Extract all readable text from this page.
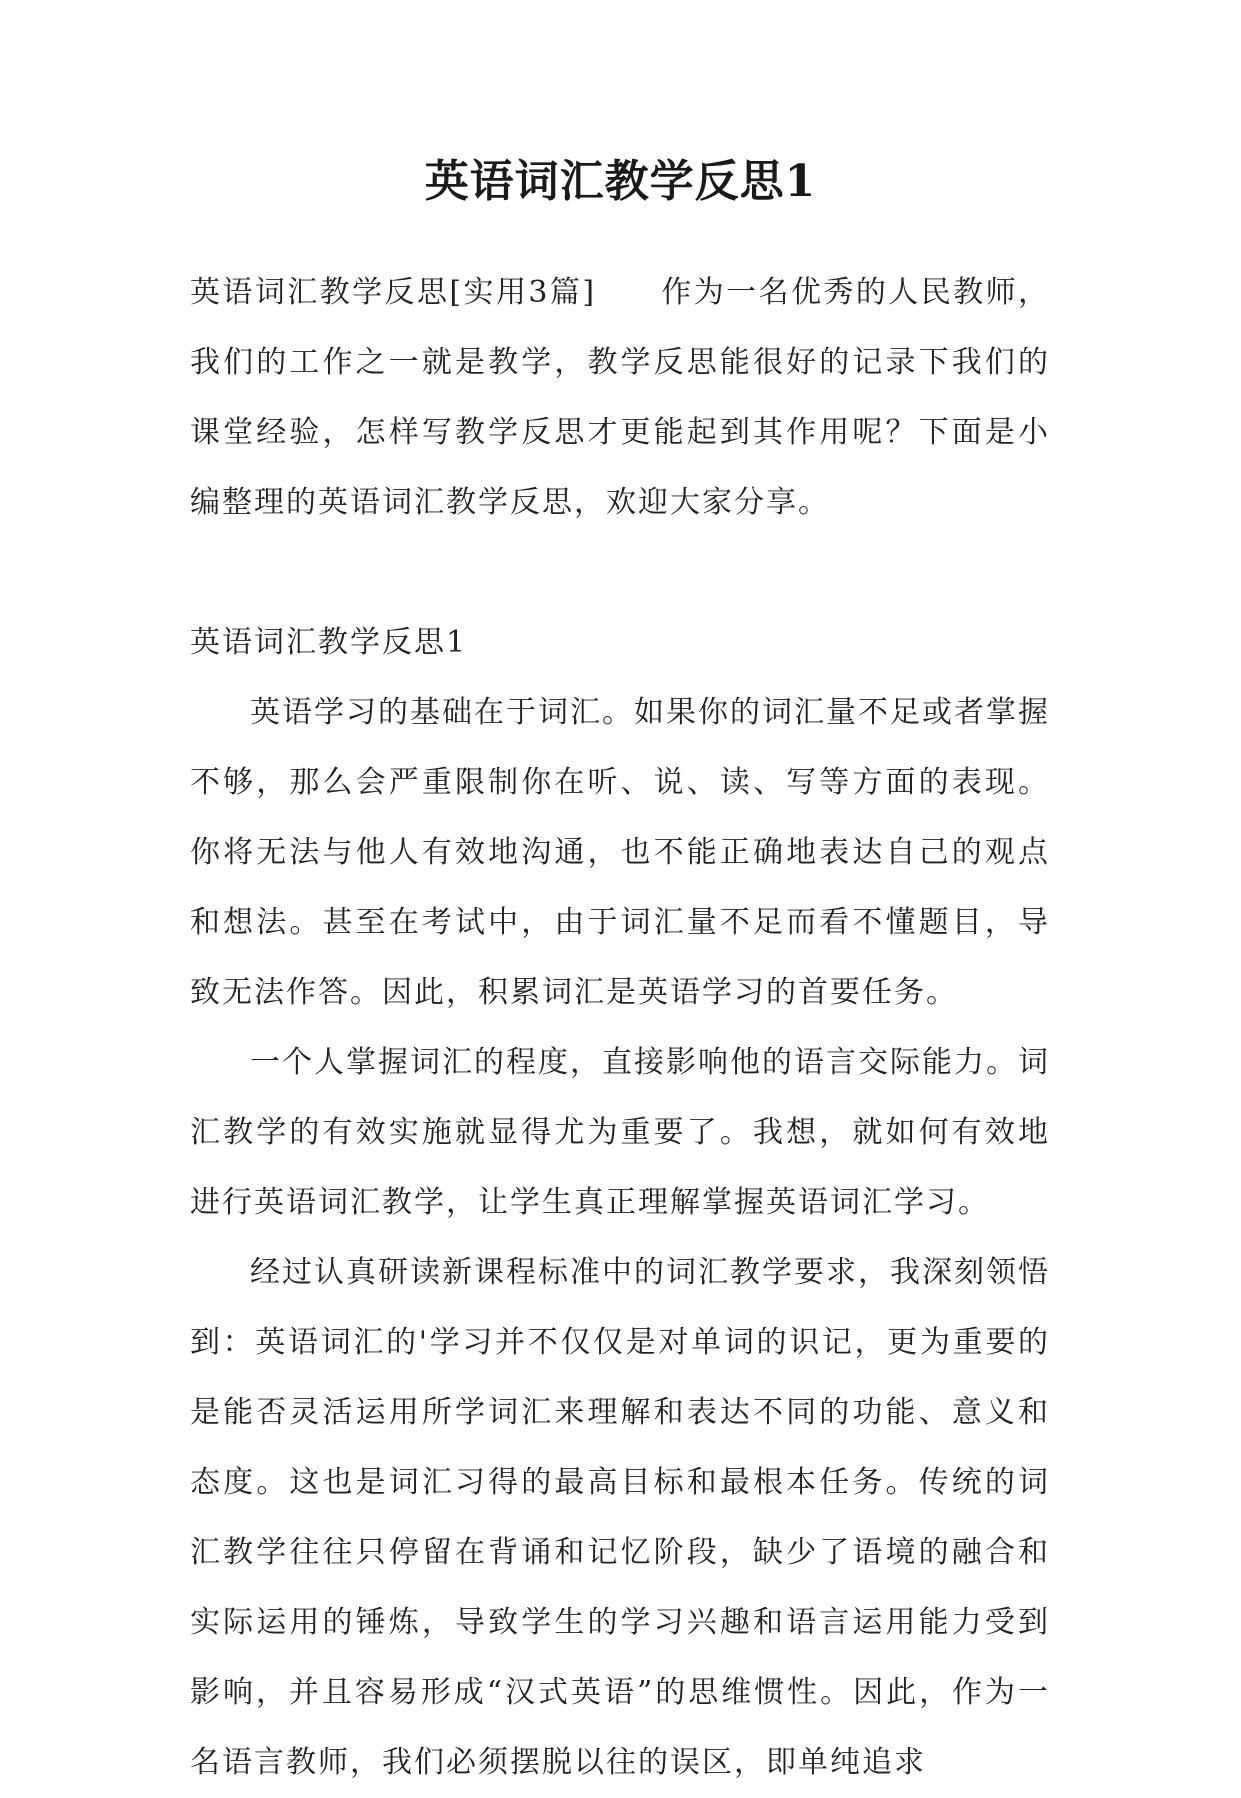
英语词汇教学反思1

英语词汇教学反思[实用3篇]　　作为一名优秀的人民教师，我们的工作之一就是教学，教学反思能很好的记录下我们的课堂经验，怎样写教学反思才更能起到其作用呢？下面是小编整理的英语词汇教学反思，欢迎大家分享。

英语词汇教学反思1

英语学习的基础在于词汇。如果你的词汇量不足或者掌握不够，那么会严重限制你在听、说、读、写等方面的表现。你将无法与他人有效地沟通，也不能正确地表达自己的观点和想法。甚至在考试中，由于词汇量不足而看不懂题目，导致无法作答。因此，积累词汇是英语学习的首要任务。

一个人掌握词汇的程度，直接影响他的语言交际能力。词汇教学的有效实施就显得尤为重要了。我想，就如何有效地进行英语词汇教学，让学生真正理解掌握英语词汇学习。

经过认真研读新课程标准中的词汇教学要求，我深刻领悟到：英语词汇的'学习并不仅仅是对单词的识记，更为重要的是能否灵活运用所学词汇来理解和表达不同的功能、意义和态度。这也是词汇习得的最高目标和最根本任务。传统的词汇教学往往只停留在背诵和记忆阶段，缺少了语境的融合和实际运用的锤炼，导致学生的学习兴趣和语言运用能力受到影响，并且容易形成“汉式英语”的思维惯性。因此，作为一名语言教师，我们必须摆脱以往的误区，即单纯追求
